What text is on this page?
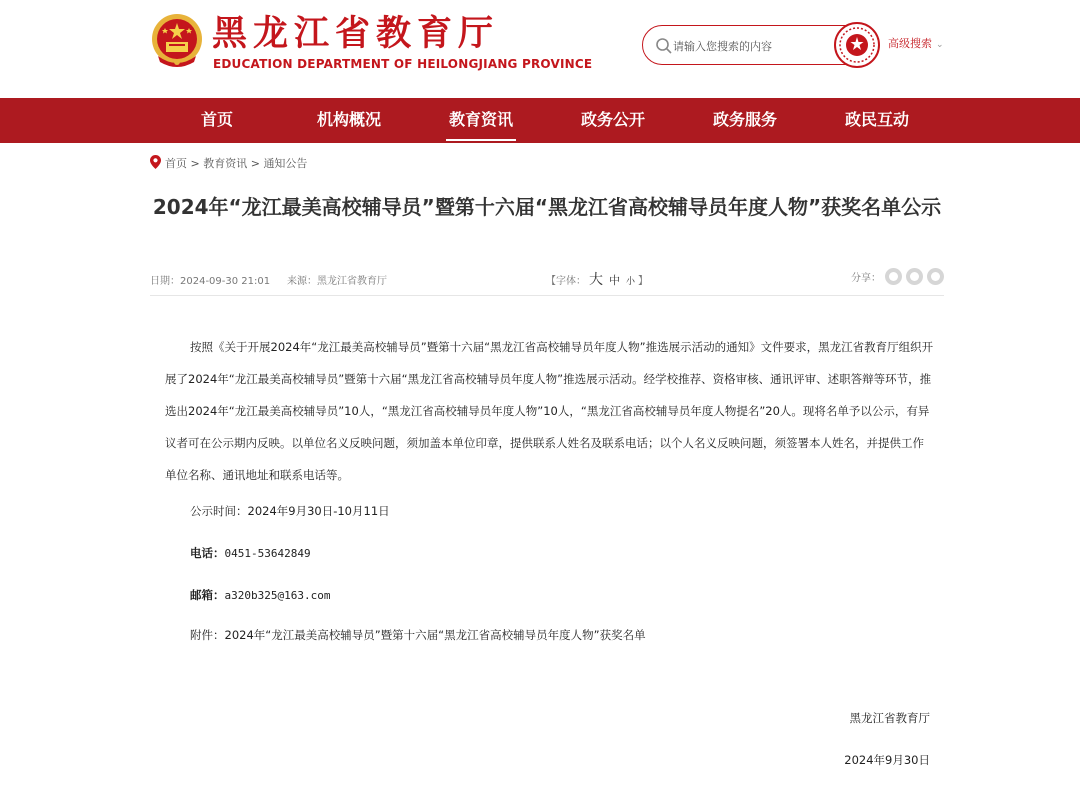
黑龙江省教育厅
EDUCATION DEPARTMENT OF HEILONGJIANG PROVINCE
请输入您搜索的内容
高级搜索 ⌄
首页	机构概况	教育资讯	政务公开	政务服务	政民互动
首页 > 教育资讯 > 通知公告
2024年“龙江最美高校辅导员”暨第十六届“黑龙江省高校辅导员年度人物”获奖名单公示
日期：2024-09-30 21:01 来源：黑龙江省教育厅	【字体： 大 中 小 】	分享：
按照《关于开展2024年“龙江最美高校辅导员”暨第十六届“黑龙江省高校辅导员年度人物”推选展示活动的通知》文件要求，黑龙江省教育厅组织开展了2024年“龙江最美高校辅导员”暨第十六届“黑龙江省高校辅导员年度人物”推选展示活动。经学校推荐、资格审核、通讯评审、述职答辩等环节，推选出2024年“龙江最美高校辅导员”10人，“黑龙江省高校辅导员年度人物”10人，“黑龙江省高校辅导员年度人物提名”20人。现将名单予以公示，有异议者可在公示期内反映。以单位名义反映问题，须加盖本单位印章，提供联系人姓名及联系电话；以个人名义反映问题，须签署本人姓名，并提供工作单位名称、通讯地址和联系电话等。
公示时间：2024年9月30日-10月11日
电话：0451-53642849
邮箱：a320b325@163.com
附件：2024年“龙江最美高校辅导员”暨第十六届“黑龙江省高校辅导员年度人物”获奖名单
黑龙江省教育厅
2024年9月30日
